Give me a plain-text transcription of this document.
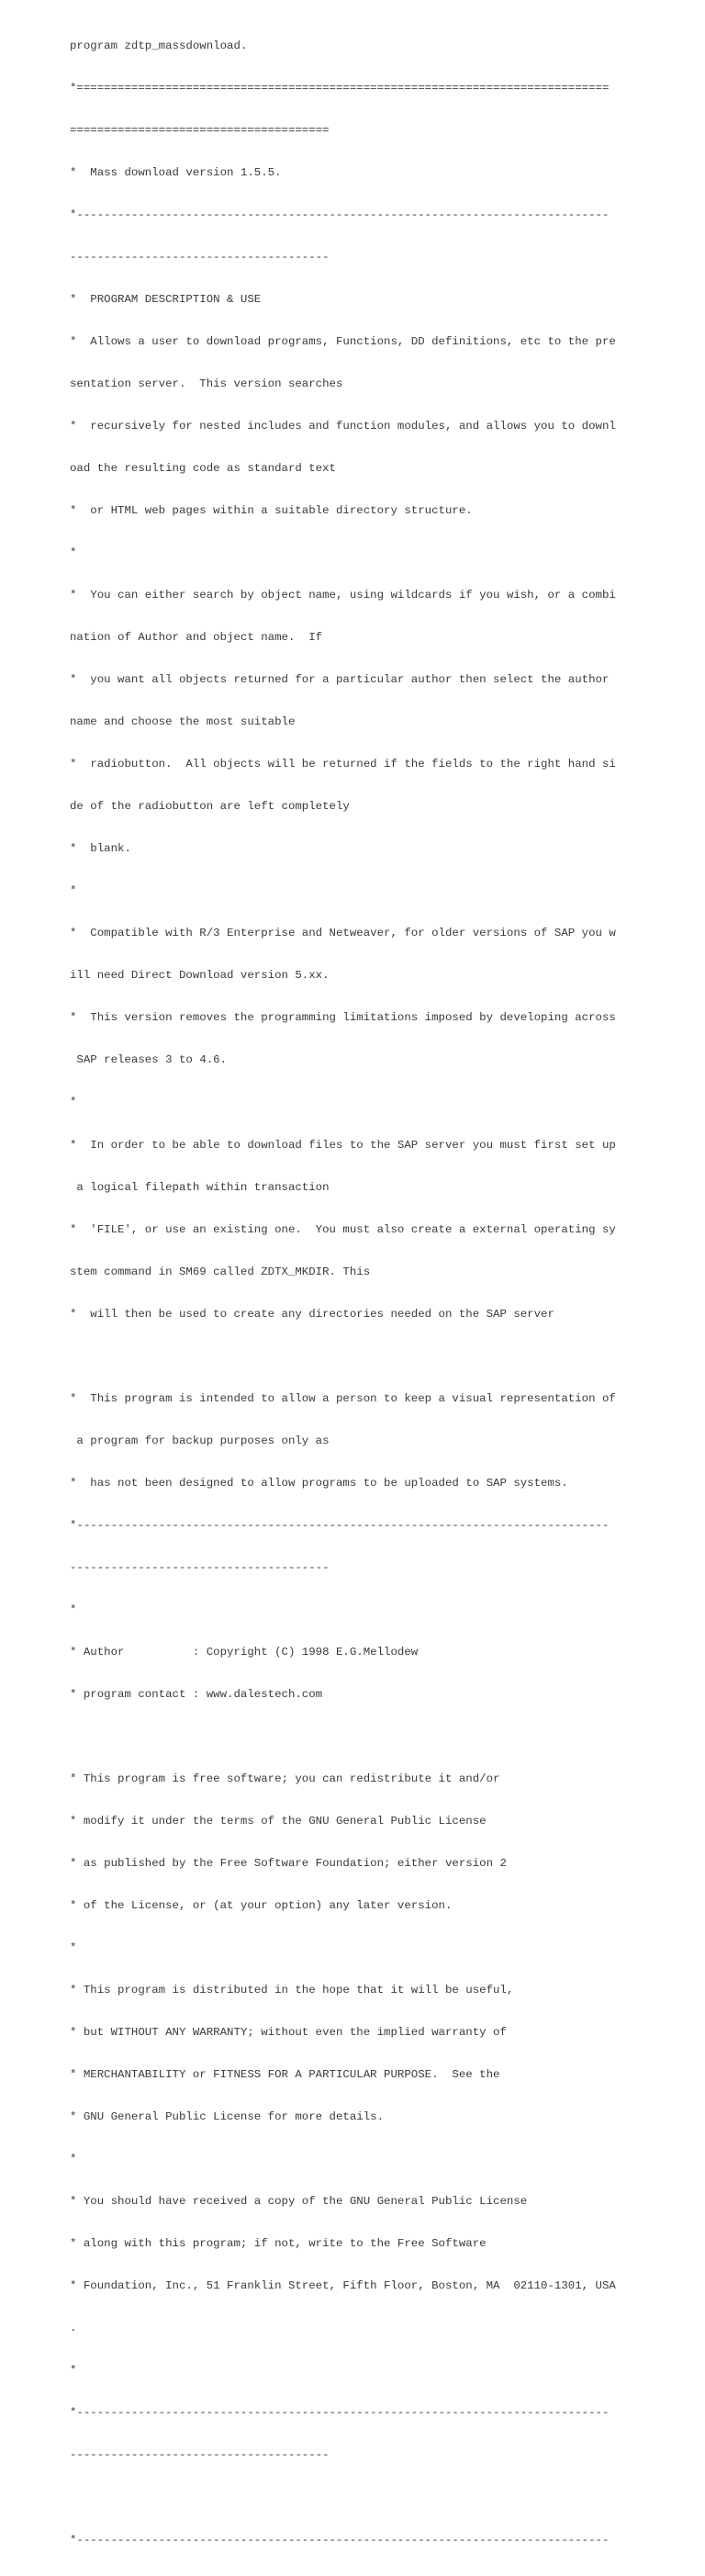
program zdtp_massdownload.

*==============================================================================

======================================

*  Mass download version 1.5.5.

*------------------------------------------------------------------------------

--------------------------------------

*  PROGRAM DESCRIPTION & USE

*  Allows a user to download programs, Functions, DD definitions, etc to the pre

sentation server.  This version searches

*  recursively for nested includes and function modules, and allows you to downl

oad the resulting code as standard text

*  or HTML web pages within a suitable directory structure.

*

*  You can either search by object name, using wildcards if you wish, or a combi

nation of Author and object name.  If

*  you want all objects returned for a particular author then select the author

name and choose the most suitable

*  radiobutton.  All objects will be returned if the fields to the right hand si

de of the radiobutton are left completely

*  blank.

*

*  Compatible with R/3 Enterprise and Netweaver, for older versions of SAP you w

ill need Direct Download version 5.xx.

*  This version removes the programming limitations imposed by developing across

SAP releases 3 to 4.6.

*

*  In order to be able to download files to the SAP server you must first set up

a logical filepath within transaction

*  'FILE', or use an existing one.  You must also create a external operating sy

stem command in SM69 called ZDTX_MKDIR. This

*  will then be used to create any directories needed on the SAP server

*  This program is intended to allow a person to keep a visual representation of

a program for backup purposes only as

*  has not been designed to allow programs to be uploaded to SAP systems.

*------------------------------------------------------------------------------

--------------------------------------

*

* Author          : Copyright (C) 1998 E.G.Mellodew

* program contact : www.dalestech.com

* This program is free software; you can redistribute it and/or

* modify it under the terms of the GNU General Public License

* as published by the Free Software Foundation; either version 2

* of the License, or (at your option) any later version.

*

* This program is distributed in the hope that it will be useful,

* but WITHOUT ANY WARRANTY; without even the implied warranty of

* MERCHANTABILITY or FITNESS FOR A PARTICULAR PURPOSE.  See the

* GNU General Public License for more details.

*

* You should have received a copy of the GNU General Public License

* along with this program; if not, write to the Free Software

* Foundation, Inc., 51 Franklin Street, Fifth Floor, Boston, MA  02110-1301, USA

.

*

*------------------------------------------------------------------------------

--------------------------------------

*------------------------------------------------------------------------------
